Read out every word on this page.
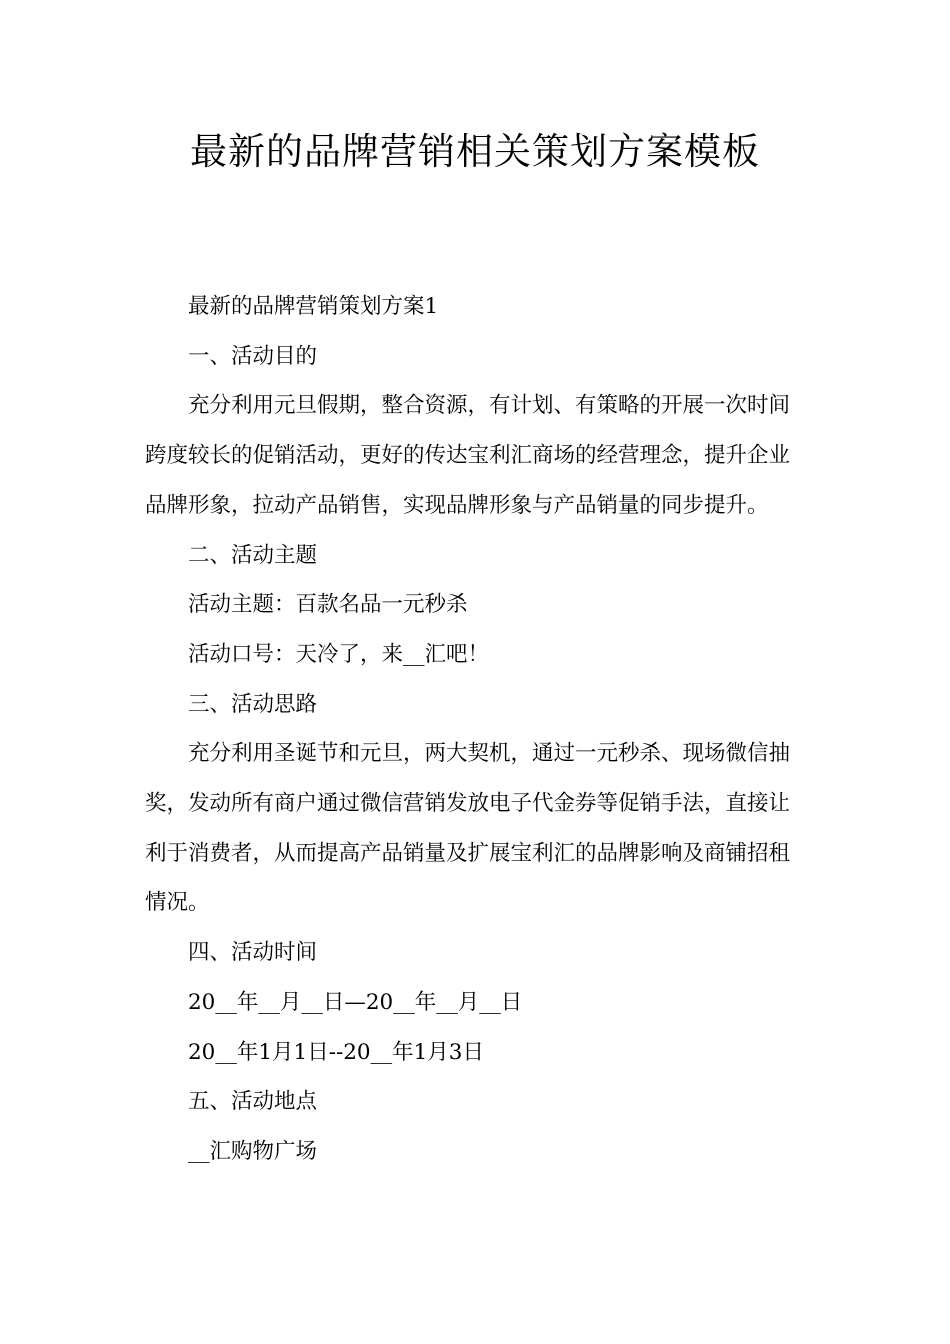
最新的品牌营销相关策划方案模板

最新的品牌营销策划方案1

一、活动目的

充分利用元旦假期，整合资源，有计划、有策略的开展一次时间跨度较长的促销活动，更好的传达宝利汇商场的经营理念，提升企业品牌形象，拉动产品销售，实现品牌形象与产品销量的同步提升。

二、活动主题

活动主题：百款名品一元秒杀

活动口号：天冷了，来__汇吧！

三、活动思路

充分利用圣诞节和元旦，两大契机，通过一元秒杀、现场微信抽奖，发动所有商户通过微信营销发放电子代金券等促销手法，直接让利于消费者，从而提高产品销量及扩展宝利汇的品牌影响及商铺招租情况。

四、活动时间

20__年__月__日—20__年__月__日

20__年1月1日--20__年1月3日

五、活动地点

__汇购物广场
